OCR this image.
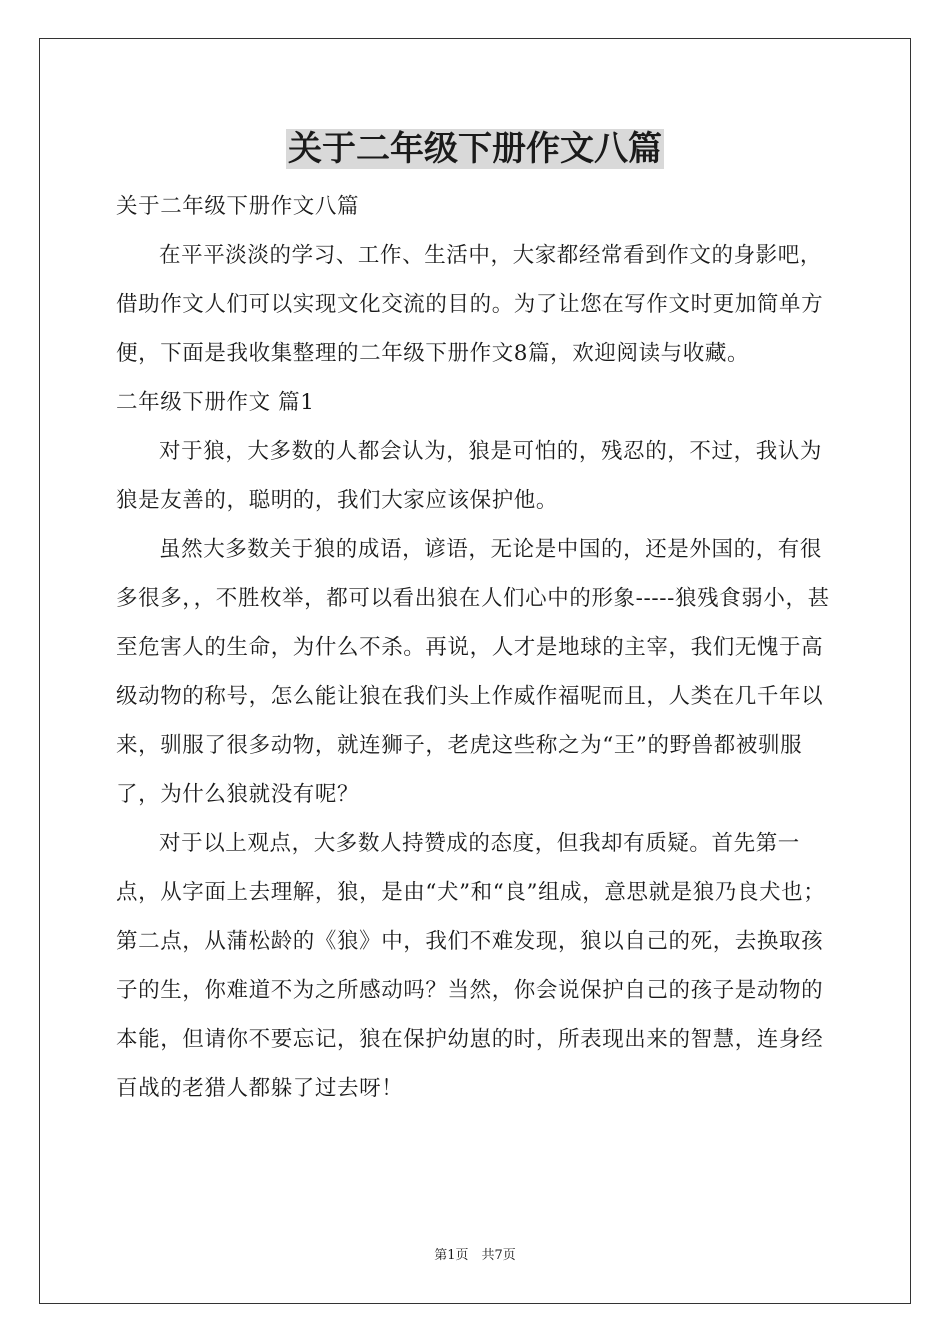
关于二年级下册作文八篇

关于二年级下册作文八篇

在平平淡淡的学习、工作、生活中，大家都经常看到作文的身影吧，借助作文人们可以实现文化交流的目的。为了让您在写作文时更加简单方便，下面是我收集整理的二年级下册作文8篇，欢迎阅读与收藏。

二年级下册作文 篇1

对于狼，大多数的人都会认为，狼是可怕的，残忍的，不过，我认为狼是友善的，聪明的，我们大家应该保护他。

虽然大多数关于狼的成语，谚语，无论是中国的，还是外国的，有很多很多，，不胜枚举，都可以看出狼在人们心中的形象-----狼残食弱小，甚至危害人的生命，为什么不杀。再说，人才是地球的主宰，我们无愧于高级动物的称号，怎么能让狼在我们头上作威作福呢而且，人类在几千年以来，驯服了很多动物，就连狮子，老虎这些称之为“王”的野兽都被驯服了，为什么狼就没有呢？

对于以上观点，大多数人持赞成的态度，但我却有质疑。首先第一点，从字面上去理解，狼，是由“犬”和“良”组成，意思就是狼乃良犬也；第二点，从蒲松龄的《狼》中，我们不难发现，狼以自己的死，去换取孩子的生，你难道不为之所感动吗？当然，你会说保护自己的孩子是动物的本能，但请你不要忘记，狼在保护幼崽的时，所表现出来的智慧，连身经百战的老猎人都躲了过去呀！

第1页　共7页
